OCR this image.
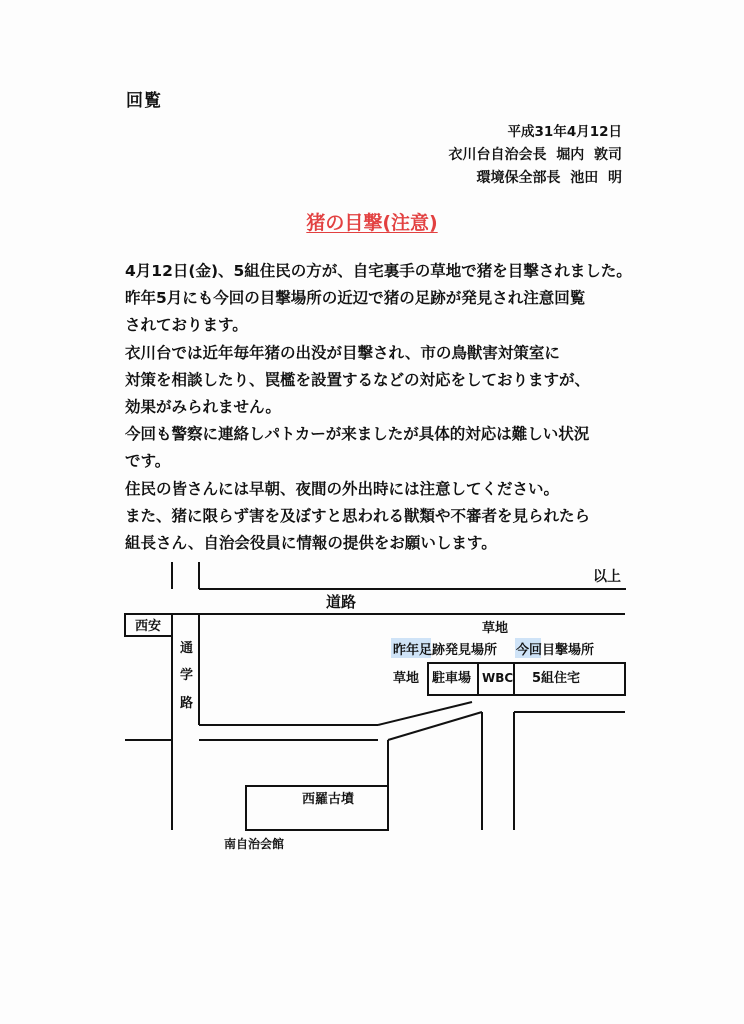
回覧
平成31年4月12日
衣川台自治会長  堀内  敦司
環境保全部長  池田  明
猪の目撃(注意)
4月12日(金)、5組住民の方が、自宅裏手の草地で猪を目撃されました。
昨年5月にも今回の目撃場所の近辺で猪の足跡が発見され注意回覧
されております。
衣川台では近年毎年猪の出没が目撃され、市の鳥獣害対策室に
対策を相談したり、罠檻を設置するなどの対応をしておりますが、
効果がみられません。
今回も警察に連絡しパトカーが来ましたが具体的対応は難しい状況
です。
住民の皆さんには早朝、夜間の外出時には注意してください。
また、猪に限らず害を及ぼすと思われる獣類や不審者を見られたら
組長さん、自治会役員に情報の提供をお願いします。
以上
道路
西安
通
学
路
草地
昨年足跡発見場所 今回目撃場所
草地 駐車場 WBC 5組住宅
西羅古墳
南自治会館
